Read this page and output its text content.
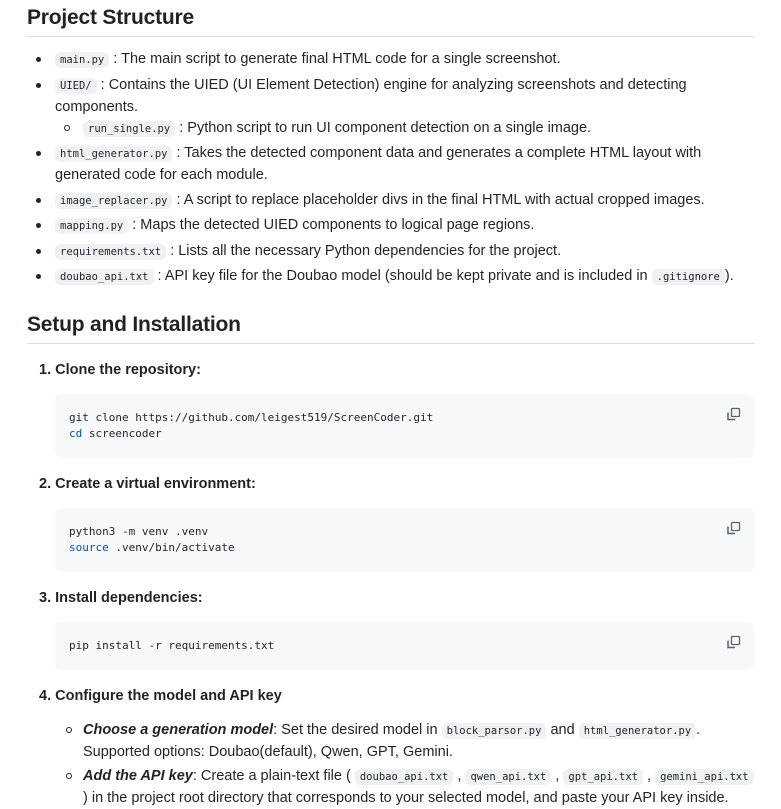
Project Structure
main.py : The main script to generate final HTML code for a single screenshot.
UIED/ : Contains the UIED (UI Element Detection) engine for analyzing screenshots and detecting components.
run_single.py : Python script to run UI component detection on a single image.
html_generator.py : Takes the detected component data and generates a complete HTML layout with generated code for each module.
image_replacer.py : A script to replace placeholder divs in the final HTML with actual cropped images.
mapping.py : Maps the detected UIED components to logical page regions.
requirements.txt : Lists all the necessary Python dependencies for the project.
doubao_api.txt : API key file for the Doubao model (should be kept private and is included in .gitignore ).
Setup and Installation

1. Clone the repository:

git clone https://github.com/leigest519/ScreenCoder.git
cd screencoder

2. Create a virtual environment:

python3 -m venv .venv
source .venv/bin/activate

3. Install dependencies:

pip install -r requirements.txt

4. Configure the model and API key

Choose a generation model: Set the desired model in block_parsor.py and html_generator.py . Supported options: Doubao(default), Qwen, GPT, Gemini.
Add the API key: Create a plain-text file ( doubao_api.txt , qwen_api.txt , gpt_api.txt , gemini_api.txt ) in the project root directory that corresponds to your selected model, and paste your API key inside.
